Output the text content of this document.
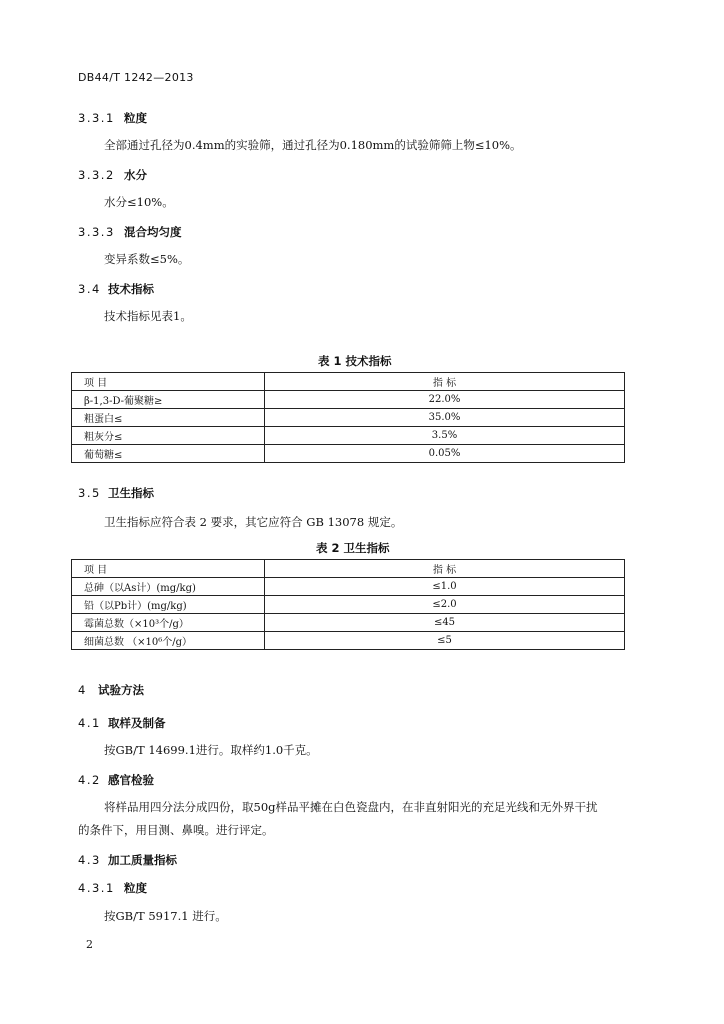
DB44/T 1242—2013
3.3.1 粒度
全部通过孔径为0.4mm的实验筛，通过孔径为0.180mm的试验筛筛上物≤10%。
3.3.2 水分
水分≤10%。
3.3.3 混合均匀度
变异系数≤5%。
3.4 技术指标
技术指标见表1。
表 1 技术指标
项 目	指 标
β-1,3-D-葡聚糖≥	22.0%
粗蛋白≤	35.0%
粗灰分≤	3.5%
葡萄糖≤	0.05%
3.5 卫生指标
卫生指标应符合表 2 要求，其它应符合 GB 13078 规定。
表 2 卫生指标
项 目	指 标
总砷（以As计）(mg/kg)	≤1.0
铅（以Pb计）(mg/kg)	≤2.0
霉菌总数（×10³个/g）	≤45
细菌总数 （×10⁶个/g）	≤5
4 试验方法
4.1 取样及制备
按GB/T 14699.1进行。取样约1.0千克。
4.2 感官检验
将样品用四分法分成四份，取50g样品平摊在白色瓷盘内，在非直射阳光的充足光线和无外界干扰
的条件下，用目测、鼻嗅。进行评定。
4.3 加工质量指标
4.3.1 粒度
按GB/T 5917.1 进行。
2
